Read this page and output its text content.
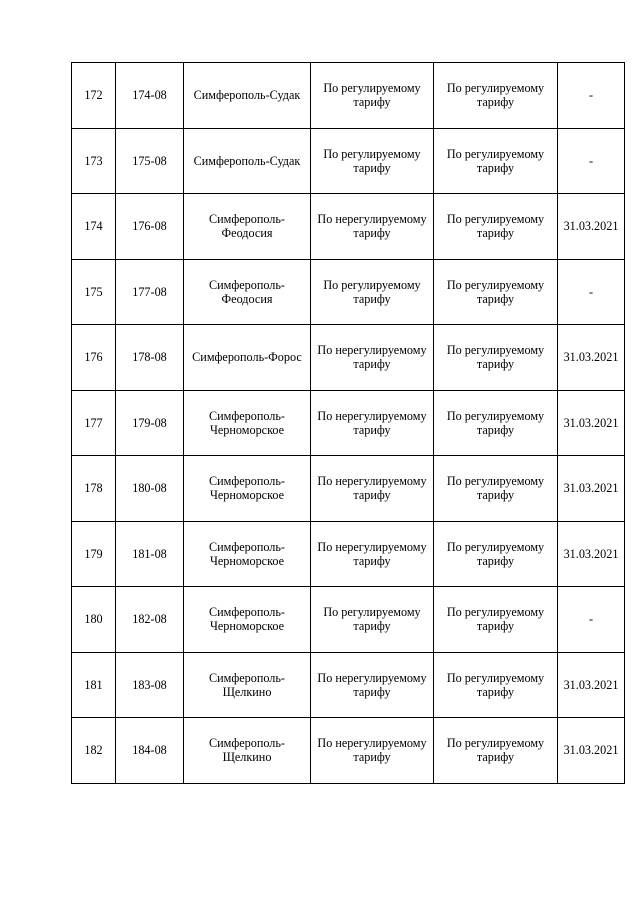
172	174-08	Симферополь-Судак	По регулируемому тарифу	По регулируемому тарифу	-
173	175-08	Симферополь-Судак	По регулируемому тарифу	По регулируемому тарифу	-
174	176-08	Симферополь-Феодосия	По нерегулируемому тарифу	По регулируемому тарифу	31.03.2021
175	177-08	Симферополь-Феодосия	По регулируемому тарифу	По регулируемому тарифу	-
176	178-08	Симферополь-Форос	По нерегулируемому тарифу	По регулируемому тарифу	31.03.2021
177	179-08	Симферополь-Черноморское	По нерегулируемому тарифу	По регулируемому тарифу	31.03.2021
178	180-08	Симферополь-Черноморское	По нерегулируемому тарифу	По регулируемому тарифу	31.03.2021
179	181-08	Симферополь-Черноморское	По нерегулируемому тарифу	По регулируемому тарифу	31.03.2021
180	182-08	Симферополь-Черноморское	По регулируемому тарифу	По регулируемому тарифу	-
181	183-08	Симферополь-Щелкино	По нерегулируемому тарифу	По регулируемому тарифу	31.03.2021
182	184-08	Симферополь-Щелкино	По нерегулируемому тарифу	По регулируемому тарифу	31.03.2021
